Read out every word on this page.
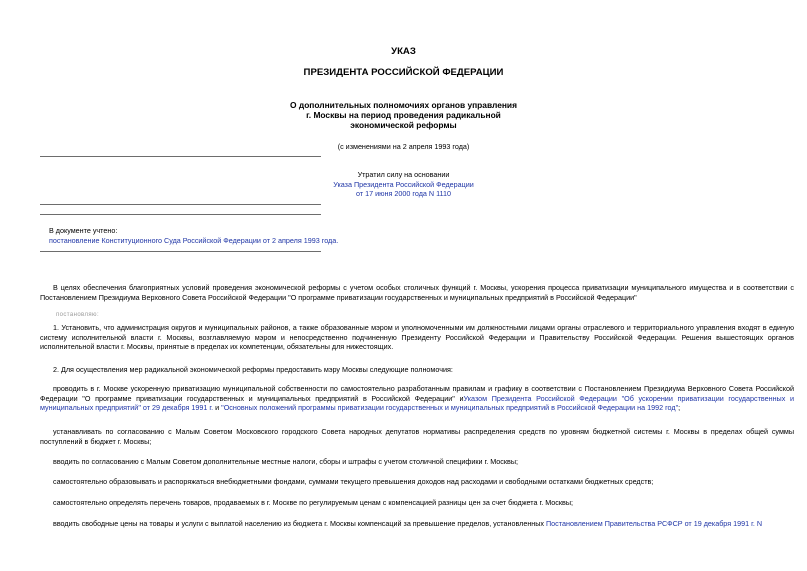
УКАЗ
ПРЕЗИДЕНТА РОССИЙСКОЙ ФЕДЕРАЦИИ
О дополнительных полномочиях органов управления
г. Москвы на период проведения радикальной
экономической реформы
(с изменениями на 2 апреля 1993 года)
Утратил силу на основании
Указа Президента Российской Федерации
от 17 июня 2000 года N 1110
В документе учтено:
постановление Конституционного Суда Российской Федерации от 2 апреля 1993 года.
В целях обеспечения благоприятных условий проведения экономической реформы с учетом особых столичных функций г. Москвы, ускорения процесса приватизации муниципального имущества и в соответствии с Постановлением Президиума Верховного Совета Российской Федерации "О программе приватизации государственных и муниципальных предприятий в Российской Федерации"
постановляю:
1. Установить, что администрация округов и муниципальных районов, а также образованные мэром и уполномоченными им должностными лицами органы отраслевого и территориального управления входят в единую систему исполнительной власти г. Москвы, возглавляемую мэром и непосредственно подчиненную Президенту Российской Федерации и Правительству Российской Федерации. Решения вышестоящих органов исполнительной власти г. Москвы, принятые в пределах их компетенции, обязательны для нижестоящих.
2. Для осуществления мер радикальной экономической реформы предоставить мэру Москвы следующие полномочия:
проводить в г. Москве ускоренную приватизацию муниципальной собственности по самостоятельно разработанным правилам и графику в соответствии с Постановлением Президиума Верховного Совета Российской Федерации "О программе приватизации государственных и муниципальных предприятий в Российской Федерации" иУказом Президента Российской Федерации "Об ускорении приватизации государственных и муниципальных предприятий" от 29 декабря 1991 г. и "Основных положений программы приватизации государственных и муниципальных предприятий в Российской Федерации на 1992 год";
устанавливать по согласованию с Малым Советом Московского городского Совета народных депутатов нормативы распределения средств по уровням бюджетной системы г. Москвы в пределах общей суммы поступлений в бюджет г. Москвы;
вводить по согласованию с Малым Советом дополнительные местные налоги, сборы и штрафы с учетом столичной специфики г. Москвы;
самостоятельно образовывать и распоряжаться внебюджетными фондами, суммами текущего превышения доходов над расходами и свободными остатками бюджетных средств;
самостоятельно определять перечень товаров, продаваемых в г. Москве по регулируемым ценам с компенсацией разницы цен за счет бюджета г. Москвы;
вводить свободные цены на товары и услуги с выплатой населению из бюджета г. Москвы компенсаций за превышение пределов, установленных Постановлением Правительства РСФСР от 19 декабря 1991 г. N
